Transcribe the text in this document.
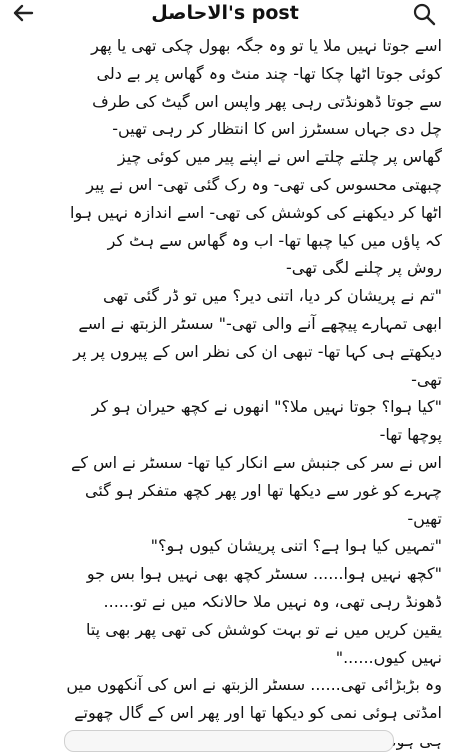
الاحاصل's post

اسے جوتا نہیں ملا یا تو وہ جگہ بھول چکی تھی یا پھر

کوئی جوتا اٹھا چکا تھا- چند منٹ وہ گھاس پر بے دلی

سے جوتا ڈھونڈتی رہی پھر واپس اس گیٹ کی طرف

چل دی جہاں سسٹرز اس کا انتظار کر رہی تھیں-

گھاس پر چلتے چلتے اس نے اپنے پیر میں کوئی چیز

چبھتی محسوس کی تھی- وہ رک گئی تھی- اس نے پیر

اٹھا کر دیکھنے کی کوشش کی تھی- اسے اندازہ نہیں ہوا

کہ پاؤں میں کیا چبھا تھا- اب وہ گھاس سے ہٹ کر

روش پر چلنے لگی تھی-

"تم نے پریشان کر دیا، اتنی دیر؟ میں تو ڈر گئی تھی

ابھی تمہارے پیچھے آنے والی تھی-" سسٹر الزبتھ نے اسے

دیکھتے ہی کہا تھا- تبھی ان کی نظر اس کے پیروں پر پر

تھی-

"کیا ہوا؟ جوتا نہیں ملا؟" انھوں نے کچھ حیران ہو کر

پوچھا تھا-

اس نے سر کی جنبش سے انکار کیا تھا- سسٹر نے اس کے

چہرے کو غور سے دیکھا تھا اور پھر کچھ متفکر ہو گئی

تھیں-

"تمہیں کیا ہوا ہے؟ اتنی پریشان کیوں ہو؟"

"کچھ نہیں ہوا...... سسٹر کچھ بھی نہیں ہوا بس جو

ڈھونڈ رہی تھی، وہ نہیں ملا حالانکہ میں نے تو......

یقین کریں میں نے تو بہت کوشش کی تھی پھر بھی پتا

نہیں کیوں......"

وہ بڑبڑائی تھی...... سسٹر الزبتھ نے اس کی آنکھوں میں

امڈتی ہوئی نمی کو دیکھا تھا اور پھر اس کے گال چھوتے
